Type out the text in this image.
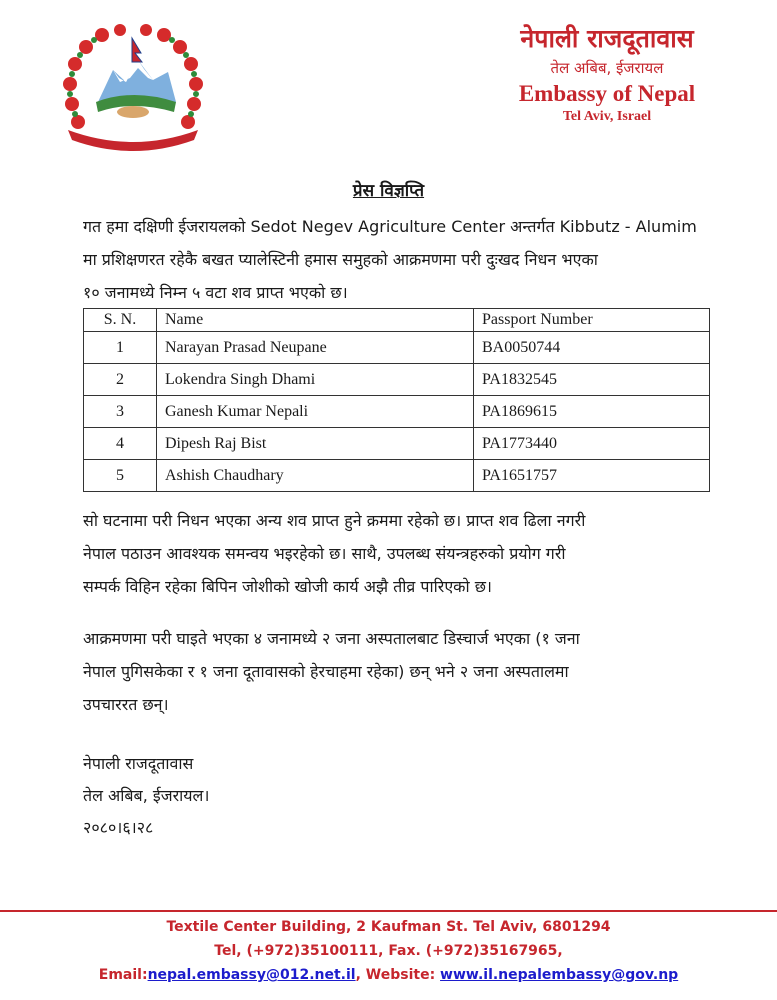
नेपाली राजदूतावास
तेल अबिब, ईजरायल
Embassy of Nepal
Tel Aviv, Israel
प्रेस विज्ञप्ति
गत हमा दक्षिणी ईजरायलको Sedot Negev Agriculture Center अन्तर्गत Kibbutz - Alumim
मा प्रशिक्षणरत रहेकै बखत प्यालेस्टिनी हमास समुहको आक्रमणमा परी दुःखद निधन भएका
१० जनामध्ये निम्न ५ वटा शव प्राप्त भएको छ।
S. N.	Name	Passport Number
1	Narayan Prasad Neupane	BA0050744
2	Lokendra Singh Dhami	PA1832545
3	Ganesh Kumar Nepali	PA1869615
4	Dipesh Raj Bist	PA1773440
5	Ashish Chaudhary	PA1651757
सो घटनामा परी निधन भएका अन्य शव प्राप्त हुने क्रममा रहेको छ। प्राप्त शव ढिला नगरी
नेपाल पठाउन आवश्यक समन्वय भइरहेको छ। साथै, उपलब्ध संयन्त्रहरुको प्रयोग गरी
सम्पर्क विहिन रहेका बिपिन जोशीको खोजी कार्य अझै तीव्र पारिएको छ।
आक्रमणमा परी घाइते भएका ४ जनामध्ये २ जना अस्पतालबाट डिस्चार्ज भएका (१ जना
नेपाल पुगिसकेका र १ जना दूतावासको हेरचाहमा रहेका) छन् भने २ जना अस्पतालमा
उपचाररत छन्।
नेपाली राजदूतावास
तेल अबिब, ईजरायल।
२०८०।६।२८
Textile Center Building, 2 Kaufman St. Tel Aviv, 6801294
Tel, (+972)35100111, Fax. (+972)35167965,
Email:nepal.embassy@012.net.il, Website: www.il.nepalembassy@gov.np
